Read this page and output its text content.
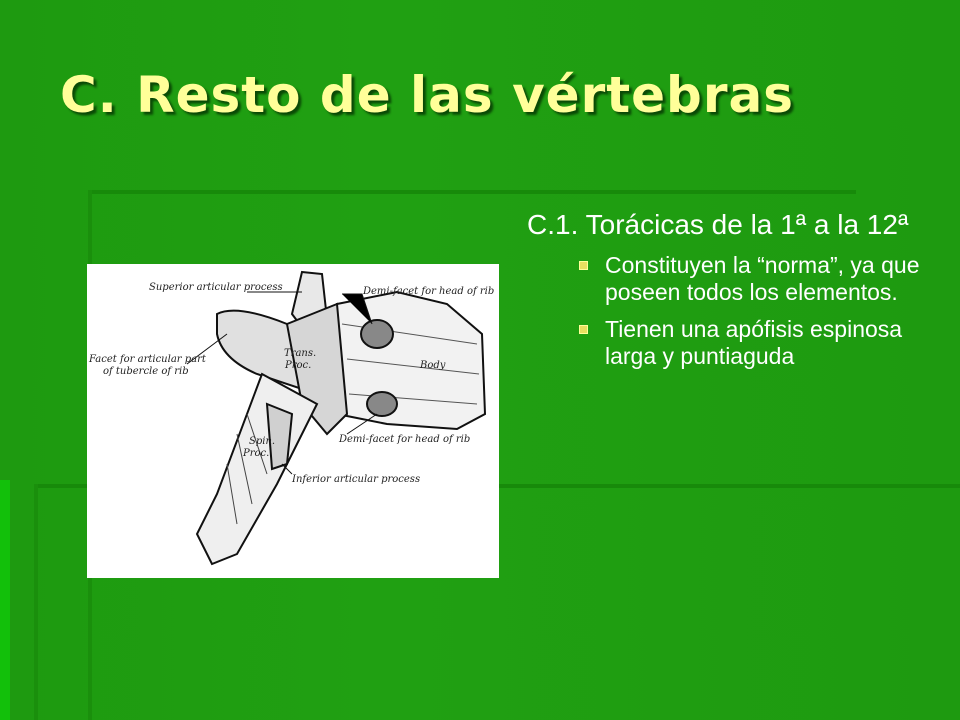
C. Resto de las vértebras
Superior articular process	Demi-facet for head of rib
Facet for articular part
of tubercle of rib
Trans.
Proc.	Body
Demi-facet for head of rib
Spin.
Proc.
Inferior articular process

C.1. Torácicas de la 1ª a la 12ª

Constituyen la “norma”, ya que poseen todos los elementos.
Tienen una apófisis espinosa larga y puntiaguda
